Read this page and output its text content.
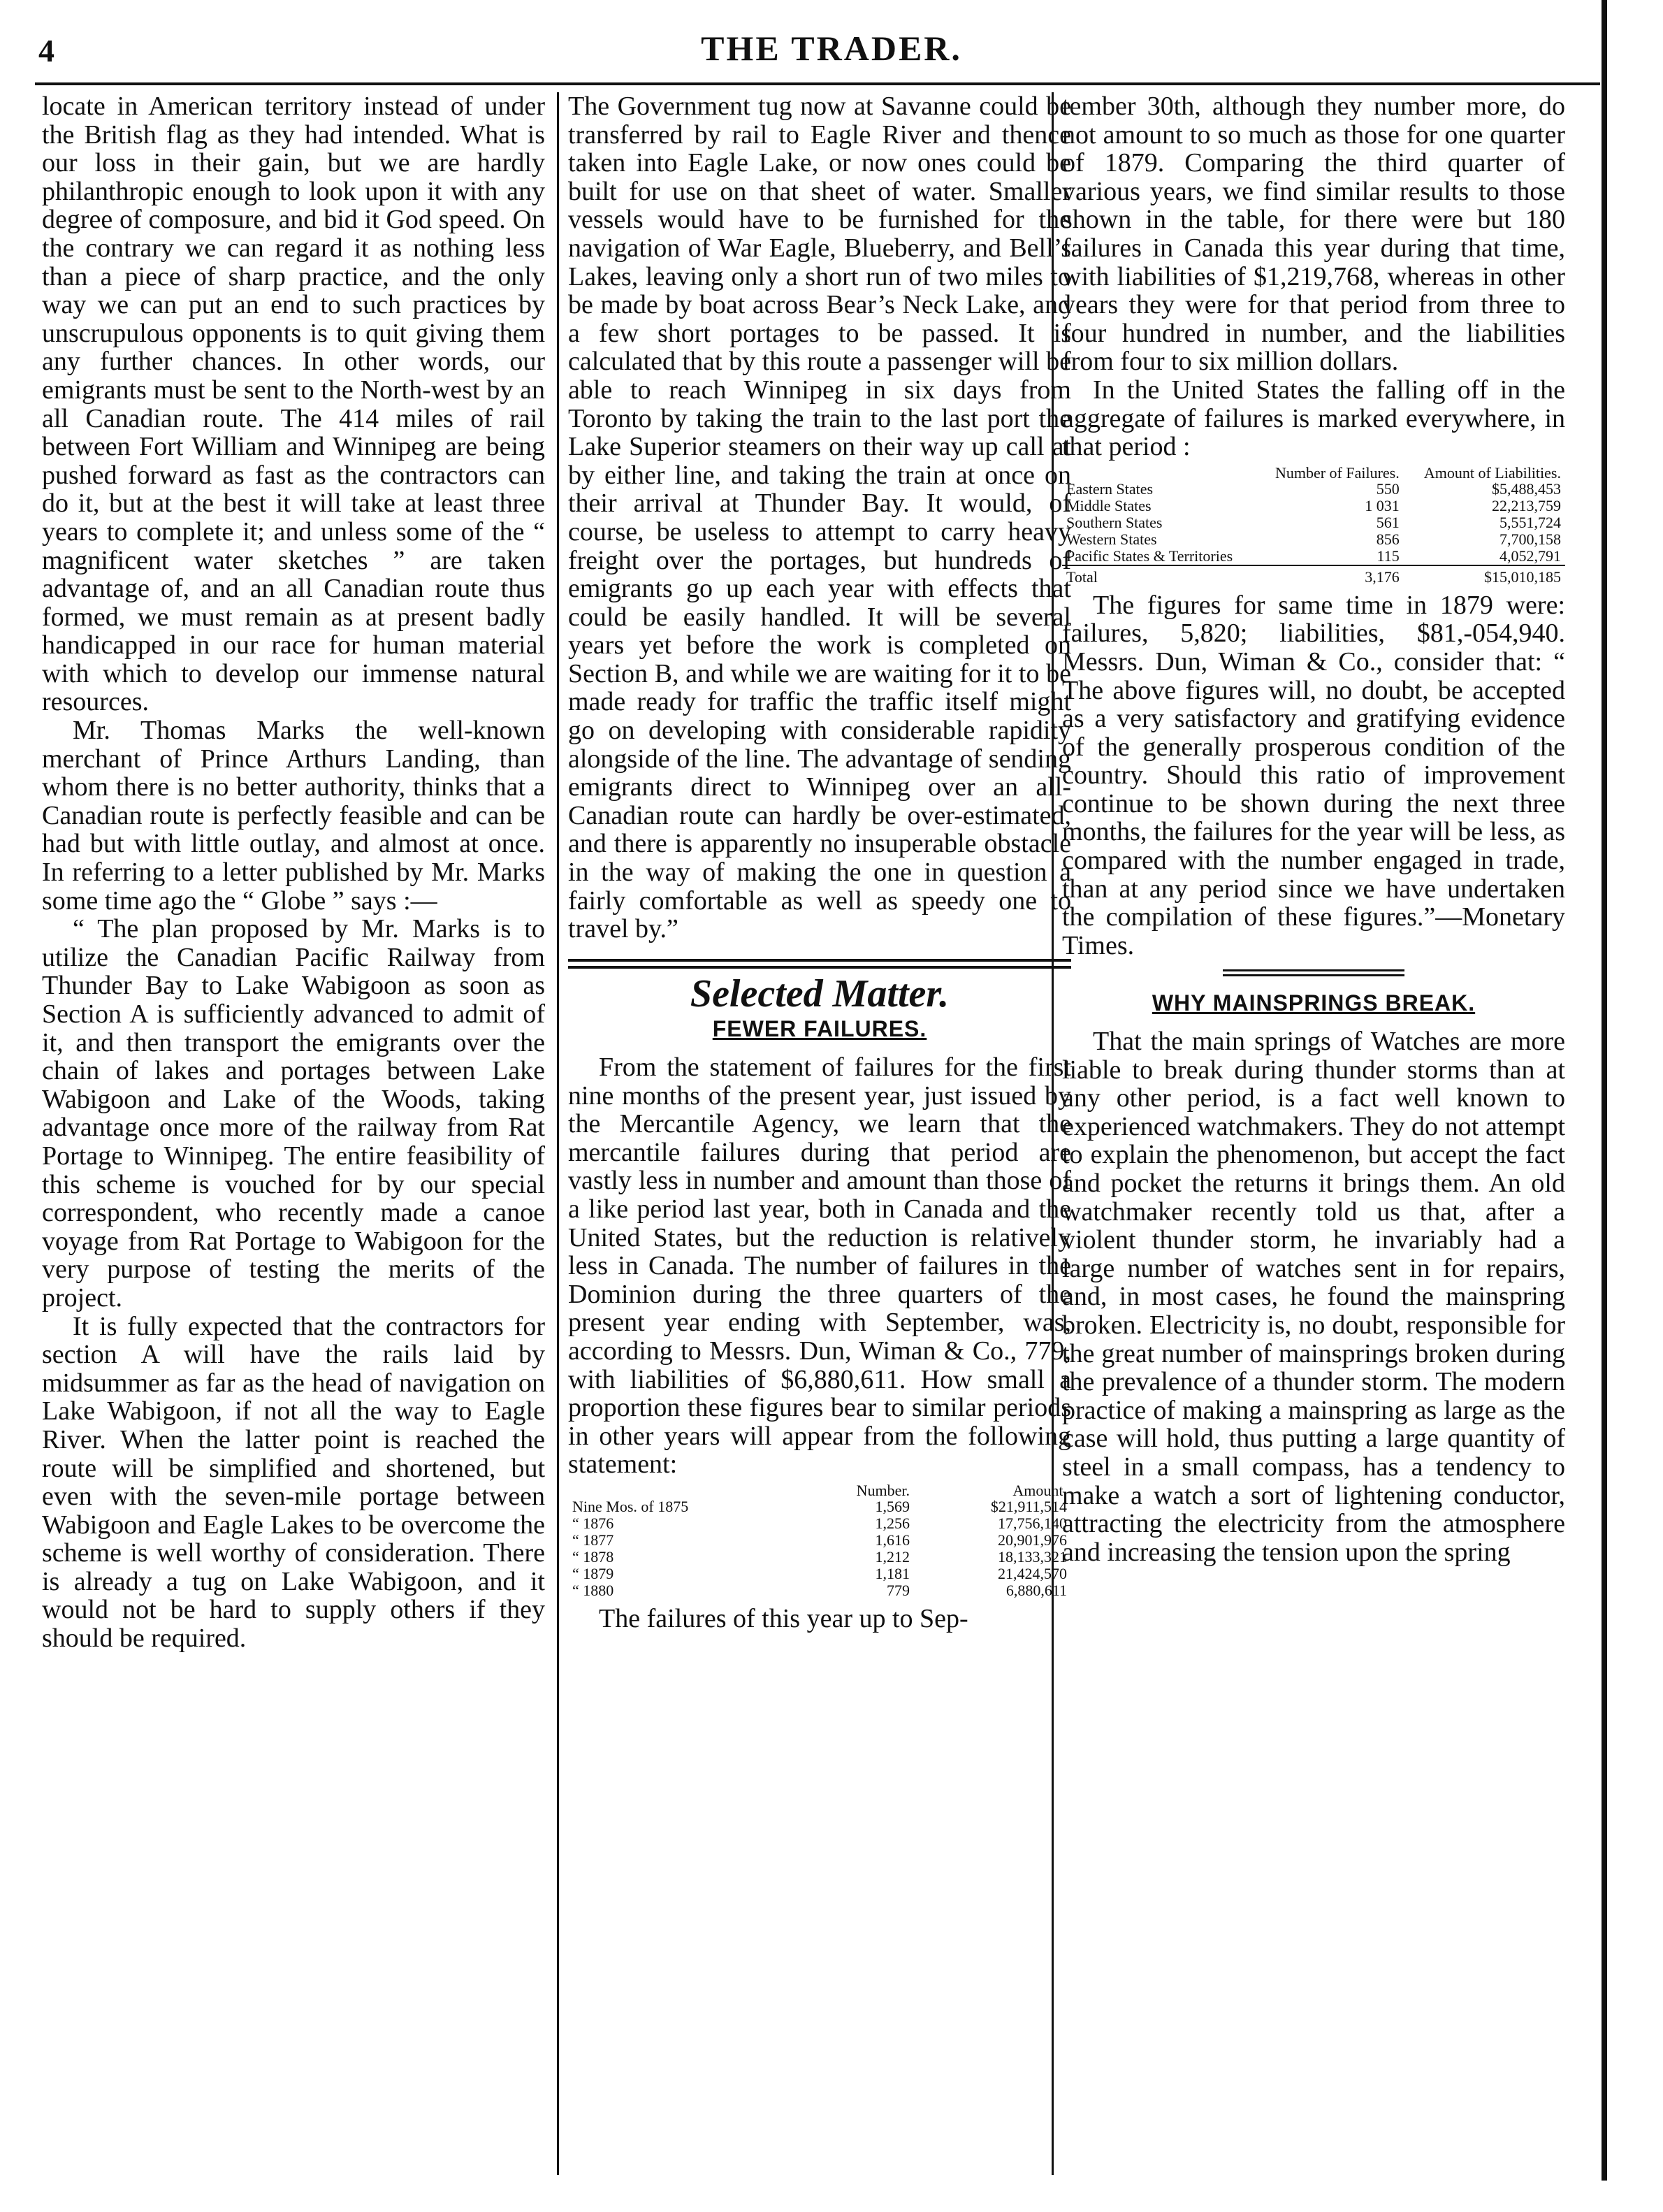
4	THE TRADER.

locate in American territory instead of under the British flag as they had intended. What is our loss in their gain, but we are hardly philanthropic enough to look upon it with any degree of composure, and bid it God speed. On the contrary we can regard it as nothing less than a piece of sharp practice, and the only way we can put an end to such practices by unscrupulous opponents is to quit giving them any further chances. In other words, our emigrants must be sent to the North-west by an all Canadian route. The 414 miles of rail between Fort William and Winnipeg are being pushed forward as fast as the contractors can do it, but at the best it will take at least three years to complete it; and unless some of the “ magnificent water sketches ” are taken advantage of, and an all Canadian route thus formed, we must remain as at present badly handicapped in our race for human material with which to develop our immense natural resources.

Mr. Thomas Marks the well-known merchant of Prince Arthurs Landing, than whom there is no better authority, thinks that a Canadian route is perfectly feasible and can be had but with little outlay, and almost at once. In referring to a letter published by Mr. Marks some time ago the “ Globe ” says :—

“ The plan proposed by Mr. Marks is to utilize the Canadian Pacific Railway from Thunder Bay to Lake Wabigoon as soon as Section A is sufficiently advanced to admit of it, and then transport the emigrants over the chain of lakes and portages between Lake Wabigoon and Lake of the Woods, taking advantage once more of the railway from Rat Portage to Winnipeg. The entire feasibility of this scheme is vouched for by our special correspondent, who recently made a canoe voyage from Rat Portage to Wabigoon for the very purpose of testing the merits of the project.

It is fully expected that the contractors for section A will have the rails laid by midsummer as far as the head of navigation on Lake Wabigoon, if not all the way to Eagle River. When the latter point is reached the route will be simplified and shortened, but even with the seven-mile portage between Wabigoon and Eagle Lakes to be overcome the scheme is well worthy of consideration. There is already a tug on Lake Wabigoon, and it would not be hard to supply others if they should be required.

The Government tug now at Savanne could be transferred by rail to Eagle River and thence taken into Eagle Lake, or now ones could be built for use on that sheet of water. Smaller vessels would have to be furnished for the navigation of War Eagle, Blueberry, and Bell’s Lakes, leaving only a short run of two miles to be made by boat across Bear’s Neck Lake, and a few short portages to be passed. It is calculated that by this route a passenger will be able to reach Winnipeg in six days from Toronto by taking the train to the last port the Lake Superior steamers on their way up call at by either line, and taking the train at once on their arrival at Thunder Bay. It would, of course, be useless to attempt to carry heavy freight over the portages, but hundreds of emigrants go up each year with effects that could be easily handled. It will be several years yet before the work is completed on Section B, and while we are waiting for it to be made ready for traffic the traffic itself might go on developing with considerable rapidity alongside of the line. The advantage of sending emigrants direct to Winnipeg over an all-Canadian route can hardly be over-estimated, and there is apparently no insuperable obstacle in the way of making the one in question a fairly comfortable as well as speedy one to travel by.”

Selected Matter.
FEWER FAILURES.

From the statement of failures for the first nine months of the present year, just issued by the Mercantile Agency, we learn that the mercantile failures during that period are vastly less in number and amount than those of a like period last year, both in Canada and the United States, but the reduction is relatively less in Canada. The number of failures in the Dominion during the three quarters of the present year ending with September, was, according to Messrs. Dun, Wiman & Co., 779, with liabilities of $6,880,611. How small a proportion these figures bear to similar periods in other years will appear from the following statement:

	Number.	Amount.
Nine Mos. of 1875	1,569	$21,911,514
“ 1876	1,256	17,756,140
“ 1877	1,616	20,901,976
“ 1878	1,212	18,133,321
“ 1879	1,181	21,424,570
“ 1880	779	6,880,611

The failures of this year up to Sep-

tember 30th, although they number more, do not amount to so much as those for one quarter of 1879. Comparing the third quarter of various years, we find similar results to those shown in the table, for there were but 180 failures in Canada this year during that time, with liabilities of $1,219,768, whereas in other years they were for that period from three to four hundred in number, and the liabilities from four to six million dollars.

In the United States the falling off in the aggregate of failures is marked everywhere, in that period :

	Number of Failures.	Amount of Liabilities.
Eastern States	550	$5,488,453
Middle States	1 031	22,213,759
Southern States	561	5,551,724
Western States	856	7,700,158
Pacific States & Territories	115	4,052,791
Total	3,176	$15,010,185

The figures for same time in 1879 were: failures, 5,820; liabilities, $81,-054,940. Messrs. Dun, Wiman & Co., consider that: “ The above figures will, no doubt, be accepted as a very satisfactory and gratifying evidence of the generally prosperous condition of the country. Should this ratio of improvement continue to be shown during the next three months, the failures for the year will be less, as compared with the number engaged in trade, than at any period since we have undertaken the compilation of these figures.”—Monetary Times.

WHY MAINSPRINGS BREAK.

That the main springs of Watches are more liable to break during thunder storms than at any other period, is a fact well known to experienced watchmakers. They do not attempt to explain the phenomenon, but accept the fact and pocket the returns it brings them. An old watchmaker recently told us that, after a violent thunder storm, he invariably had a large number of watches sent in for repairs, and, in most cases, he found the mainspring broken. Electricity is, no doubt, responsible for the great number of mainsprings broken during the prevalence of a thunder storm. The modern practice of making a mainspring as large as the case will hold, thus putting a large quantity of steel in a small compass, has a tendency to make a watch a sort of lightening conductor, attracting the electricity from the atmosphere and increasing the tension upon the spring
